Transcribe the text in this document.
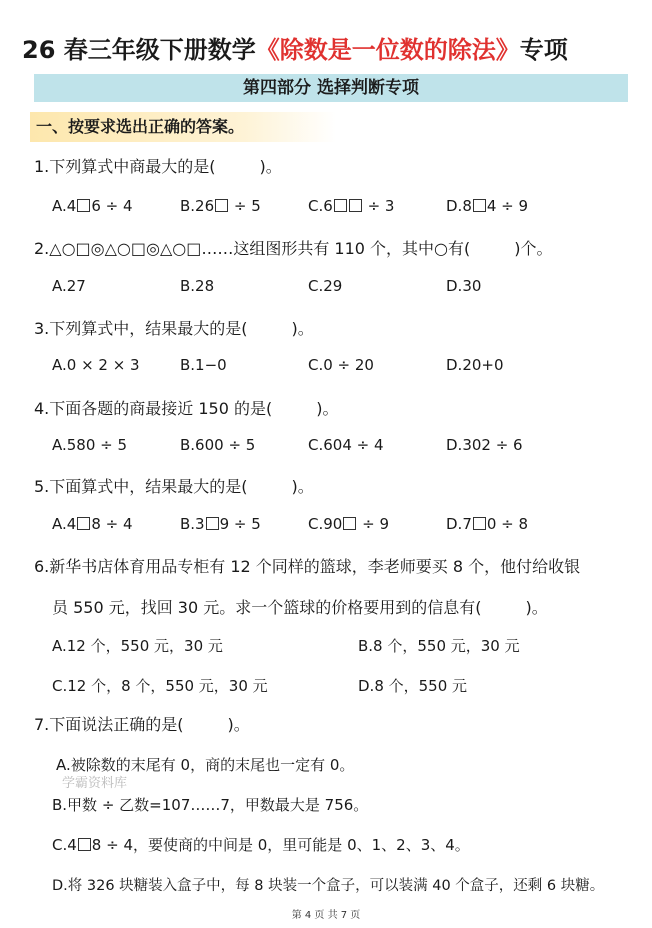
26 春三年级下册数学《除数是一位数的除法》专项
第四部分 选择判断专项
一、按要求选出正确的答案。
1.下列算式中商最大的是(	)。
A.4 6 ÷ 4	B.26 ÷ 5	C.6 ÷ 3	D.8 4 ÷ 9
2.△○□◎△○□◎△○□……这组图形共有 110 个，其中○有(	)个。
A.27	B.28	C.29	D.30
3.下列算式中，结果最大的是(	)。
A.0 × 2 × 3	B.1−0	C.0 ÷ 20	D.20+0
4.下面各题的商最接近 150 的是(	)。
A.580 ÷ 5	B.600 ÷ 5	C.604 ÷ 4	D.302 ÷ 6
5.下面算式中，结果最大的是(	)。
A.4 8 ÷ 4	B.3 9 ÷ 5	C.90 ÷ 9	D.7 0 ÷ 8
6.新华书店体育用品专柜有 12 个同样的篮球，李老师要买 8 个，他付给收银
员 550 元，找回 30 元。求一个篮球的价格要用到的信息有(	)。
A.12 个，550 元，30 元	B.8 个，550 元，30 元
C.12 个，8 个，550 元，30 元	D.8 个，550 元
7.下面说法正确的是(	)。
A.被除数的末尾有 0，商的末尾也一定有 0。
学霸资料库
B.甲数 ÷ 乙数=107……7，甲数最大是 756。
C.4 8 ÷ 4，要使商的中间是 0，里可能是 0、1、2、3、4。
D.将 326 块糖装入盒子中，每 8 块装一个盒子，可以装满 40 个盒子，还剩 6 块糖。
第 4 页 共 7 页
